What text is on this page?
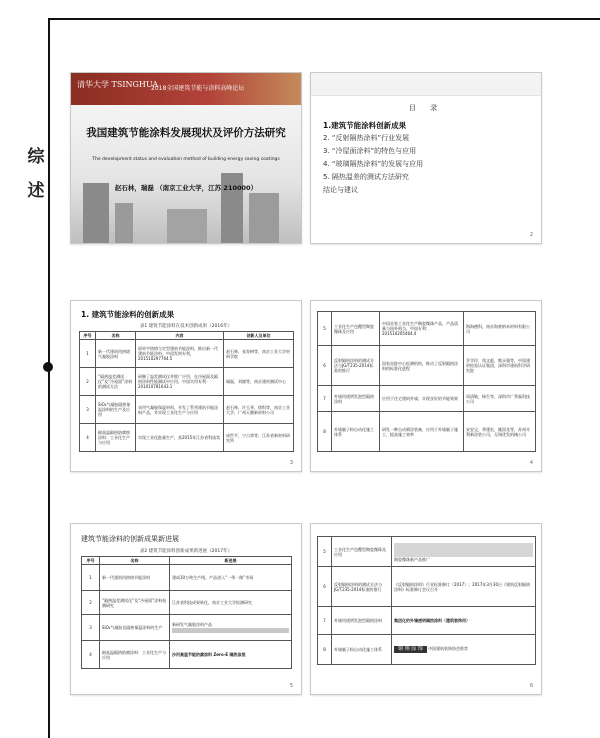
综述
清华大学 TSINGHUA
2018全国建筑节能与涂料高峰论坛
我国建筑节能涂料发展现状及评价方法研究
The development status and evaluation method of building energy saving coatings
赵石林，瑞磊 （南京工业大学，江苏 210000）
目 录
1.建筑节能涂料创新成果
2. “反射隔热涂料”行业发展
3. “冷屋面涂料”的特色与应用
4. “玻璃隔热涂料”的发展与应用
5. 隔热温差的测试方法研究
结论与建议
2
1. 建筑节能涂料的创新成果
表1 建筑节能涂料在技术创新成果（2016年）
序号	名称	内容	创新人及单位
1	新一代建筑用热熔气凝胶涂料	原单字热熔与定型建筑节能涂料，推出新一代建筑节能涂料。中国发明专利，201510297764.5	赵石林，张寿树等，南京工业大学材料学院
2	“隔热温差测试仪”及“冷屋面”涂料的测试方法	研制了温差测试仪并推广应用，在冷屋面及隔热涂料性能测试中应用。中国实用专利：201010781643.1	瑞磊，刘晓等，南京建材测试中心
3	SiO₂气凝胶隔热保温涂料的生产及应用	采用气凝胶保温材料，开发了系列建筑节能涂料产品，并实现工业化生产与应用	赵石林，许玉华，徐科等，南京工业大学，广州天腾新材料公司
4	耐高温隔热防腐蚀涂料：工业化生产与应用	实现工业化批量生产，获2015年江苏省科技奖	成世平，宁占荣等，江苏省新材料研究所
3
5	工业化生产包覆型陶瓷微珠及应用	中国首家工业化生产陶瓷微珠产品，产品质量与国外相当，中国专利：201510205464.4	海海德科，南京海豪纳米材料有限公司
6	反射隔热涂料的测试方法与JG/T235-2014标准的推行	国家首批中心检测机构，推动了反射隔热涂料的标准化进程	乔学玲，钱文彪，熊永强等，中国建材检验认证集团，深圳市建筑科学研究院
7	外墙用透明发泡型隔热涂料	应用于住宅建筑外墙，实现良好的节能效果	周清敏，杨生等，深圳市广季磊科技公司
8	外墙腻子粉自动化施工体系	研发一种自动喷涂装备，应用于外墙腻子施工，提高施工效率	宋安宝，季建宏，姚国龙等，苏州开利新涂装公司，无锡优发机械公司
4
建筑节能涂料的创新成果新进展
表2 建筑节能涂料创新成果新进展（2017年）
序号	名称	新进展
1	新一代建筑用热熔节能涂料	建成10万吨生产线，产品进入“一带一路”市场
2	“隔热温差测试仪”及“冷屋面”涂料检测研究	江苏省科技成果转化，南京工业大学检测研究
3	SiO₂气凝胶及隔热保温涂料的生产	新研发气凝胶涂料产品

4	耐高温隔热防腐涂料：工业化生产与应用	沙河高温节能防腐涂料 Zero-E 隔热涂层
5
5	工业化生产包覆型陶瓷微珠及应用	陶瓷微珠新产品推广
6	反射隔热涂料的测试方法与JG/T235-2014标准的推行	《反射隔热涂料》行业标准修订（2017）；2017年3月30日《建筑反射隔热涂料》标准修订会议召开
7	外墙用透明发泡型隔热涂料	集团化的外墙透明隔热涂料（建筑装饰用）
8	外墙腻子粉自动化施工体系	钢 翔 涂 饰 中国建筑装饰协会推荐
6
